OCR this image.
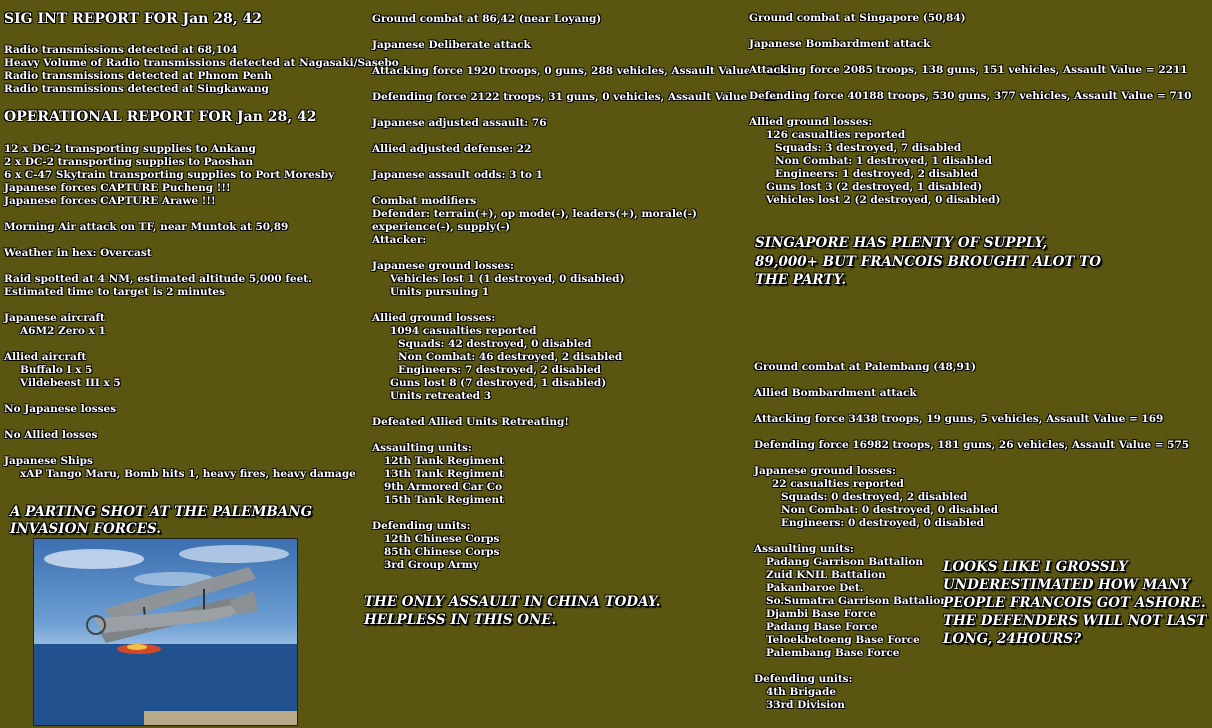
SIG INT REPORT FOR Jan 28, 42
Radio transmissions detected at 68,104
Heavy Volume of Radio transmissions detected at Nagasaki/Sasebo
Radio transmissions detected at Phnom Penh
Radio transmissions detected at Singkawang
OPERATIONAL REPORT FOR Jan 28, 42
12 x DC-2 transporting supplies to Ankang
2 x DC-2 transporting supplies to Paoshan
6 x C-47 Skytrain transporting supplies to Port Moresby
Japanese forces CAPTURE Pucheng !!!
Japanese forces CAPTURE Arawe !!!
Morning Air attack on TF, near Muntok at 50,89
Weather in hex: Overcast
Raid spotted at 4 NM, estimated altitude 5,000 feet.
Estimated time to target is 2 minutes
Japanese aircraft
A6M2 Zero x 1
Allied aircraft
Buffalo I x 5
Vildebeest III x 5
No Japanese losses
No Allied losses
Japanese Ships
xAP Tango Maru, Bomb hits 1, heavy fires, heavy damage
A PARTING SHOT AT THE PALEMBANG
INVASION FORCES.
Ground combat at 86,42 (near Loyang)
Japanese Deliberate attack
Attacking force 1920 troops, 0 guns, 288 vehicles, Assault Value = 181
Defending force 2122 troops, 31 guns, 0 vehicles, Assault Value = 19
Japanese adjusted assault: 76
Allied adjusted defense: 22
Japanese assault odds: 3 to 1
Combat modifiers
Defender: terrain(+), op mode(-), leaders(+), morale(-)
experience(-), supply(-)
Attacker:
Japanese ground losses:
Vehicles lost 1 (1 destroyed, 0 disabled)
Units pursuing 1
Allied ground losses:
1094 casualties reported
Squads: 42 destroyed, 0 disabled
Non Combat: 46 destroyed, 2 disabled
Engineers: 7 destroyed, 2 disabled
Guns lost 8 (7 destroyed, 1 disabled)
Units retreated 3
Defeated Allied Units Retreating!
Assaulting units:
12th Tank Regiment
13th Tank Regiment
9th Armored Car Co
15th Tank Regiment
Defending units:
12th Chinese Corps
85th Chinese Corps
3rd Group Army
THE ONLY ASSAULT IN CHINA TODAY.
HELPLESS IN THIS ONE.
Ground combat at Singapore (50,84)
Japanese Bombardment attack
Attacking force 2085 troops, 138 guns, 151 vehicles, Assault Value = 2211
Defending force 40188 troops, 530 guns, 377 vehicles, Assault Value = 710
Allied ground losses:
126 casualties reported
Squads: 3 destroyed, 7 disabled
Non Combat: 1 destroyed, 1 disabled
Engineers: 1 destroyed, 2 disabled
Guns lost 3 (2 destroyed, 1 disabled)
Vehicles lost 2 (2 destroyed, 0 disabled)
SINGAPORE HAS PLENTY OF SUPPLY,
89,000+ BUT FRANCOIS BROUGHT ALOT TO
THE PARTY.
Ground combat at Palembang (48,91)
Allied Bombardment attack
Attacking force 3438 troops, 19 guns, 5 vehicles, Assault Value = 169
Defending force 16982 troops, 181 guns, 26 vehicles, Assault Value = 575
Japanese ground losses:
22 casualties reported
Squads: 0 destroyed, 2 disabled
Non Combat: 0 destroyed, 0 disabled
Engineers: 0 destroyed, 0 disabled
Assaulting units:
Padang Garrison Battalion
Zuid KNIL Battalion
Pakanbaroe Det.
So.Sumatra Garrison Battalion
Djambi Base Force
Padang Base Force
Teloekbetoeng Base Force
Palembang Base Force
Defending units:
4th Brigade
33rd Division
LOOKS LIKE I GROSSLY
UNDERESTIMATED HOW MANY
PEOPLE FRANCOIS GOT ASHORE.
THE DEFENDERS WILL NOT LAST
LONG, 24HOURS?
